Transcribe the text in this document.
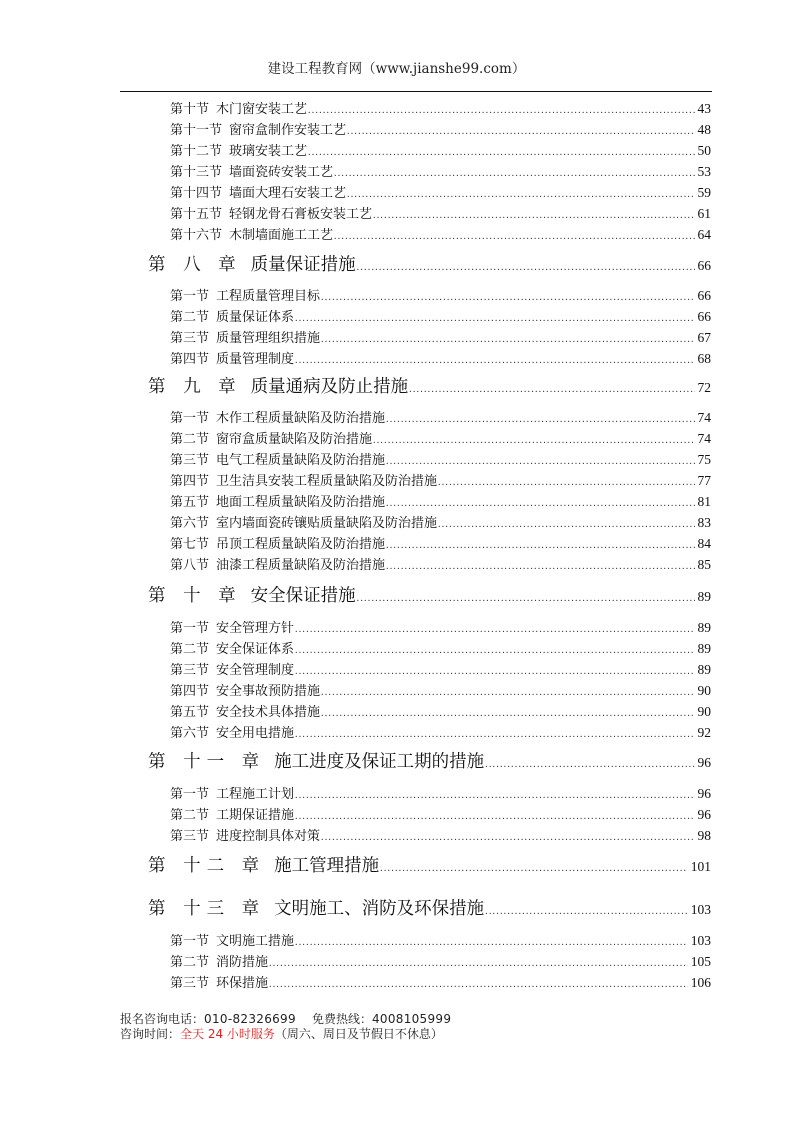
建设工程教育网（www.jianshe99.com）
第十节 木门窗安装工艺 .....	43
第十一节 窗帘盒制作安装工艺 .....	48
第十二节 玻璃安装工艺 .....	50
第十三节 墙面瓷砖安装工艺 .....	53
第十四节 墙面大理石安装工艺 .....	59
第十五节 轻钢龙骨石膏板安装工艺 .....	61
第十六节 木制墙面施工工艺 .....	64
第 八 章 质量保证措施 .....	66
第一节 工程质量管理目标 .....	66
第二节 质量保证体系 .....	66
第三节 质量管理组织措施 .....	67
第四节 质量管理制度 .....	68
第 九 章 质量通病及防止措施 .....	72
第一节 木作工程质量缺陷及防治措施 .....	74
第二节 窗帘盒质量缺陷及防治措施 .....	74
第三节 电气工程质量缺陷及防治措施 .....	75
第四节 卫生洁具安装工程质量缺陷及防治措施 .....	77
第五节 地面工程质量缺陷及防治措施 .....	81
第六节 室内墙面瓷砖镶贴质量缺陷及防治措施 .....	83
第七节 吊顶工程质量缺陷及防治措施 .....	84
第八节 油漆工程质量缺陷及防治措施 .....	85
第 十 章 安全保证措施 .....	89
第一节 安全管理方针 .....	89
第二节 安全保证体系 .....	89
第三节 安全管理制度 .....	89
第四节 安全事故预防措施 .....	90
第五节 安全技术具体措施 .....	90
第六节 安全用电措施 .....	92
第 十一 章 施工进度及保证工期的措施 .....	96
第一节 工程施工计划 .....	96
第二节 工期保证措施 .....	96
第三节 进度控制具体对策 .....	98
第 十二 章 施工管理措施 .....	101
第 十三 章 文明施工、消防及环保措施 .....	103
第一节 文明施工措施 .....	103
第二节 消防措施 .....	105
第三节 环保措施 .....	106
报名咨询电话：010-82326699 免费热线：4008105999
咨询时间：全天 24 小时服务（周六、周日及节假日不休息）
